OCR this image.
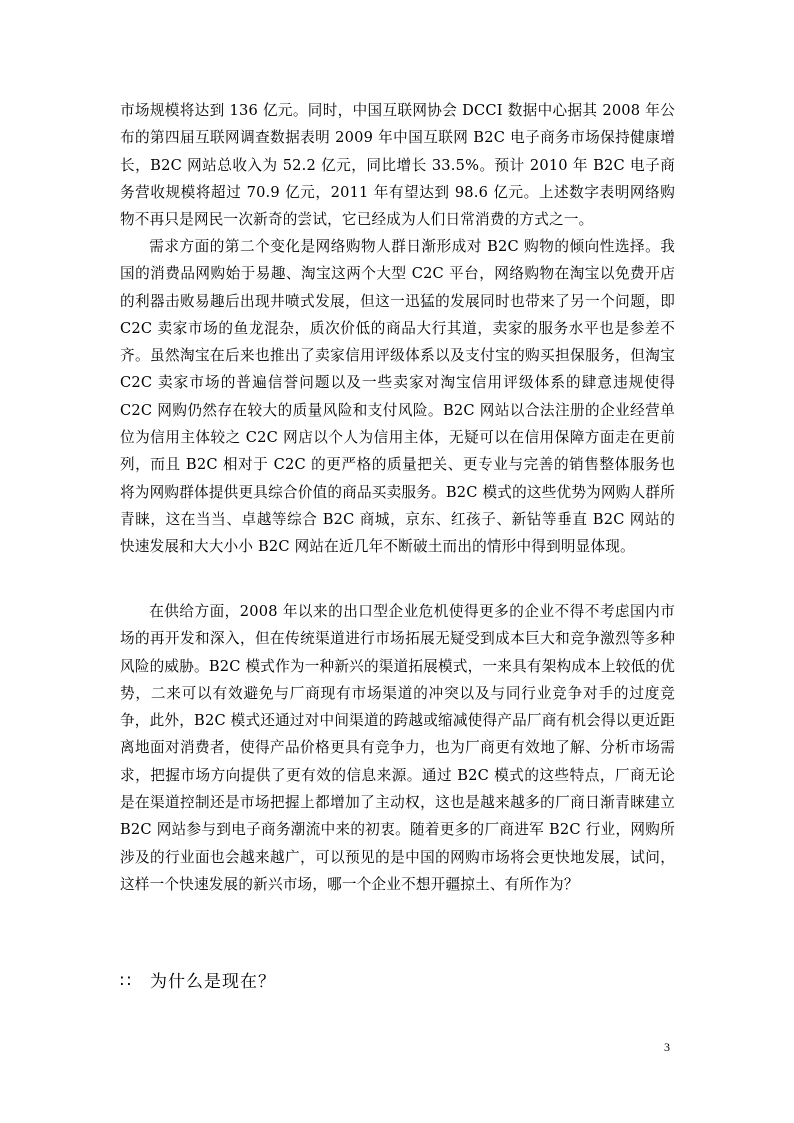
市场规模将达到 136 亿元。同时，中国互联网协会 DCCI 数据中心据其 2008 年公布的第四届互联网调查数据表明 2009 年中国互联网 B2C 电子商务市场保持健康增长，B2C 网站总收入为 52.2 亿元，同比增长 33.5%。预计 2010 年 B2C 电子商务营收规模将超过 70.9 亿元，2011 年有望达到 98.6 亿元。上述数字表明网络购物不再只是网民一次新奇的尝试，它已经成为人们日常消费的方式之一。

需求方面的第二个变化是网络购物人群日渐形成对 B2C 购物的倾向性选择。我国的消费品网购始于易趣、淘宝这两个大型 C2C 平台，网络购物在淘宝以免费开店的利器击败易趣后出现井喷式发展，但这一迅猛的发展同时也带来了另一个问题，即 C2C 卖家市场的鱼龙混杂，质次价低的商品大行其道，卖家的服务水平也是参差不齐。虽然淘宝在后来也推出了卖家信用评级体系以及支付宝的购买担保服务，但淘宝 C2C 卖家市场的普遍信誉问题以及一些卖家对淘宝信用评级体系的肆意违规使得 C2C 网购仍然存在较大的质量风险和支付风险。B2C 网站以合法注册的企业经营单位为信用主体较之 C2C 网店以个人为信用主体，无疑可以在信用保障方面走在更前列，而且 B2C 相对于 C2C 的更严格的质量把关、更专业与完善的销售整体服务也将为网购群体提供更具综合价值的商品买卖服务。B2C 模式的这些优势为网购人群所青睐，这在当当、卓越等综合 B2C 商城，京东、红孩子、新钻等垂直 B2C 网站的快速发展和大大小小 B2C 网站在近几年不断破土而出的情形中得到明显体现。

在供给方面，2008 年以来的出口型企业危机使得更多的企业不得不考虑国内市场的再开发和深入，但在传统渠道进行市场拓展无疑受到成本巨大和竞争激烈等多种风险的威胁。B2C 模式作为一种新兴的渠道拓展模式，一来具有架构成本上较低的优势，二来可以有效避免与厂商现有市场渠道的冲突以及与同行业竞争对手的过度竞争，此外，B2C 模式还通过对中间渠道的跨越或缩减使得产品厂商有机会得以更近距离地面对消费者，使得产品价格更具有竞争力，也为厂商更有效地了解、分析市场需求，把握市场方向提供了更有效的信息来源。通过 B2C 模式的这些特点，厂商无论是在渠道控制还是市场把握上都增加了主动权，这也是越来越多的厂商日渐青睐建立 B2C 网站参与到电子商务潮流中来的初衷。随着更多的厂商进军 B2C 行业，网购所涉及的行业面也会越来越广，可以预见的是中国的网购市场将会更快地发展，试问，这样一个快速发展的新兴市场，哪一个企业不想开疆掠土、有所作为？

∷	为什么是现在？
3
